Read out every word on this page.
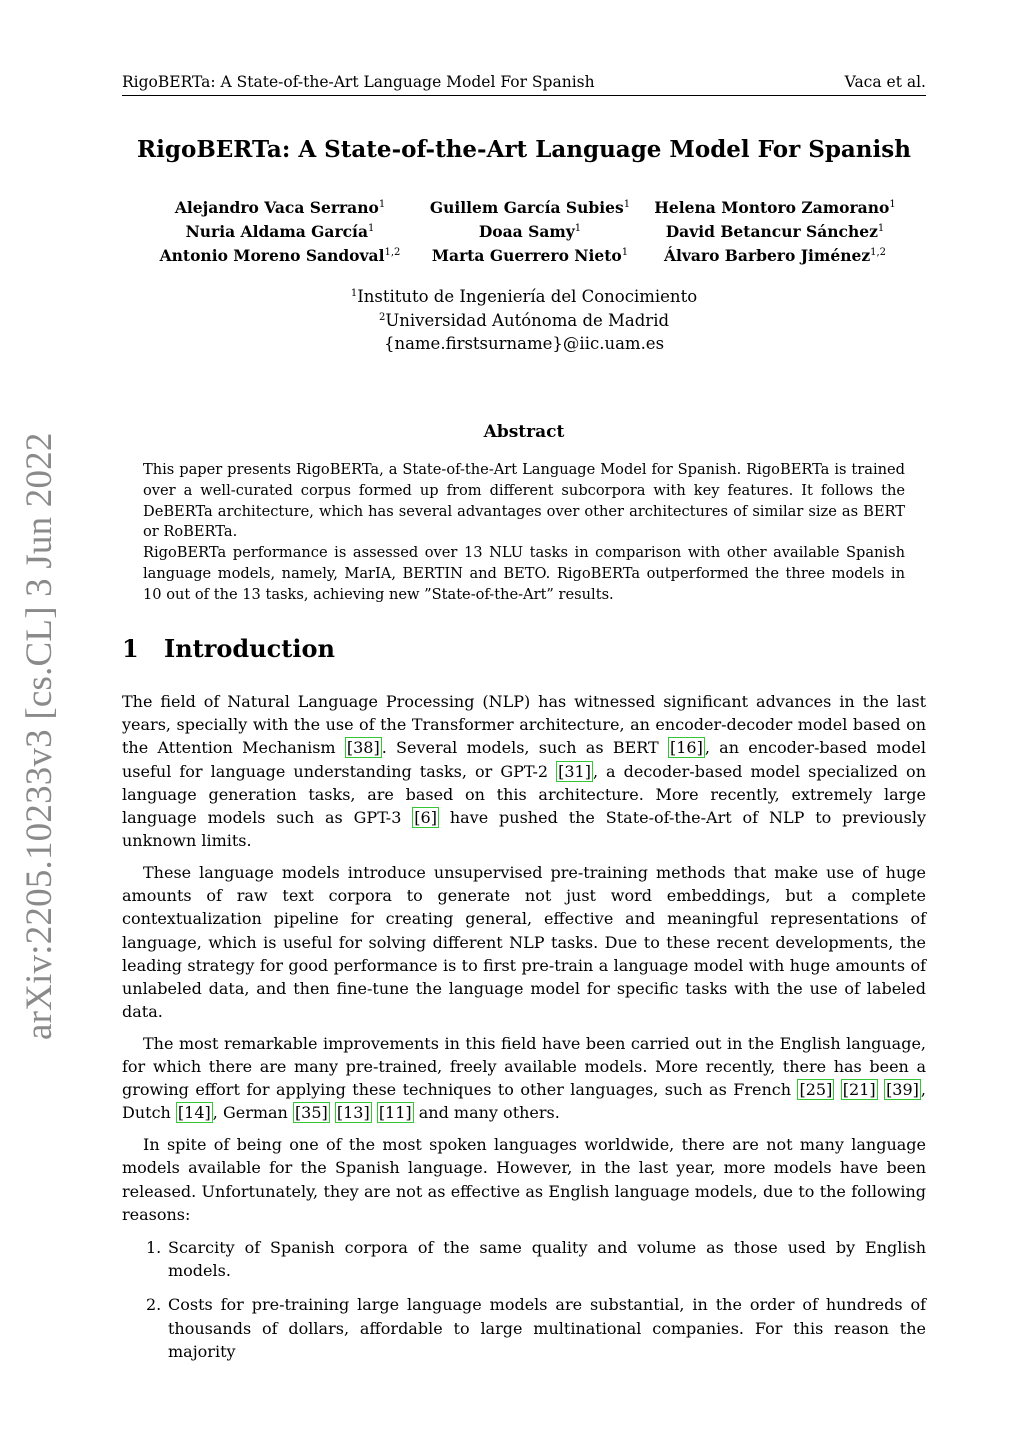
RigoBERTa: A State-of-the-Art Language Model For Spanish	Vaca et al.
arXiv:2205.10233v3 [cs.CL] 3 Jun 2022
RigoBERTa: A State-of-the-Art Language Model For Spanish
Alejandro Vaca Serrano$^1$	Guillem García Subies$^1$	Helena Montoro Zamorano$^1$
Nuria Aldama García$^1$	Doaa Samy$^1$	David Betancur Sánchez$^1$
Antonio Moreno Sandoval$^{1,2}$	Marta Guerrero Nieto$^1$	Álvaro Barbero Jiménez$^{1,2}$
$^1$Instituto de Ingeniería del Conocimiento
$^2$Universidad Autónoma de Madrid
{name.firstsurname}@iic.uam.es
Abstract

This paper presents RigoBERTa, a State-of-the-Art Language Model for Spanish. RigoBERTa is trained over a well-curated corpus formed up from different subcorpora with key features. It follows the DeBERTa architecture, which has several advantages over other architectures of similar size as BERT or RoBERTa.

RigoBERTa performance is assessed over 13 NLU tasks in comparison with other available Spanish language models, namely, MarIA, BERTIN and BETO. RigoBERTa outperformed the three models in 10 out of the 13 tasks, achieving new ”State-of-the-Art” results.

1 Introduction

The field of Natural Language Processing (NLP) has witnessed significant advances in the last years, specially with the use of the Transformer architecture, an encoder-decoder model based on the Attention Mechanism [38] . Several models, such as BERT [16] , an encoder-based model useful for language understanding tasks, or GPT-2 [31] , a decoder-based model specialized on language generation tasks, are based on this architecture. More recently, extremely large language models such as GPT-3 [6] have pushed the State-of-the-Art of NLP to previously unknown limits.

These language models introduce unsupervised pre-training methods that make use of huge amounts of raw text corpora to generate not just word embeddings, but a complete contextualization pipeline for creating general, effective and meaningful representations of language, which is useful for solving different NLP tasks. Due to these recent developments, the leading strategy for good performance is to first pre-train a language model with huge amounts of unlabeled data, and then fine-tune the language model for specific tasks with the use of labeled data.

The most remarkable improvements in this field have been carried out in the English language, for which there are many pre-trained, freely available models. More recently, there has been a growing effort for applying these techniques to other languages, such as French [25] [21] [39] , Dutch [14] , German [35] [13] [11] and many others.

In spite of being one of the most spoken languages worldwide, there are not many language models available for the Spanish language. However, in the last year, more models have been released. Unfortunately, they are not as effective as English language models, due to the following reasons:

1. Scarcity of Spanish corpora of the same quality and volume as those used by English models.
2. Costs for pre-training large language models are substantial, in the order of hundreds of thousands of dollars, affordable to large multinational companies. For this reason the majority
